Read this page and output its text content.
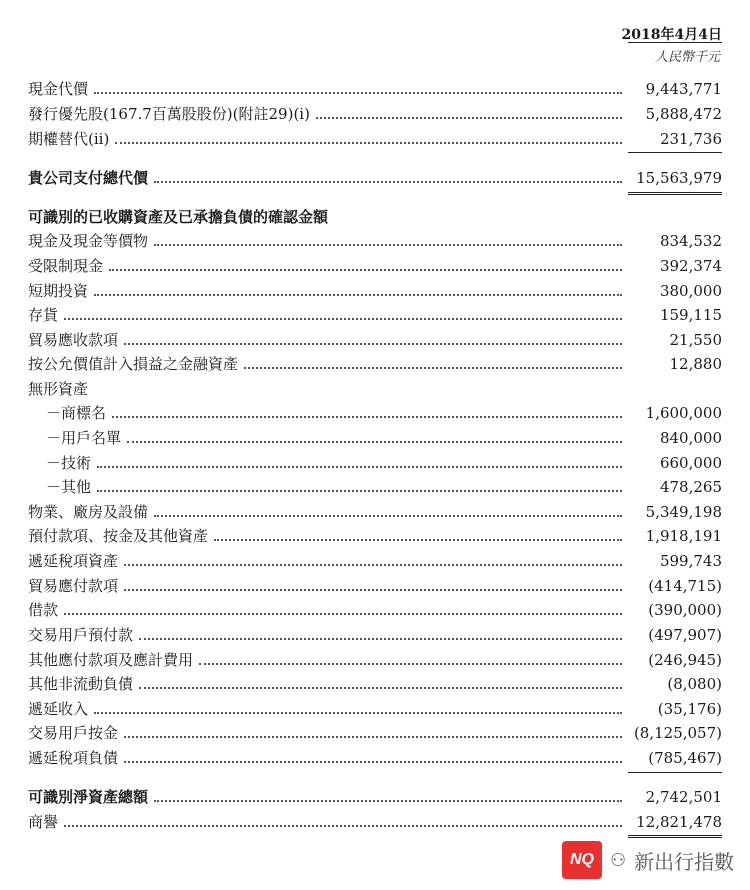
2018年4月4日
人民幣千元
現金代價	9,443,771
發行優先股(167.7百萬股股份)(附註29)(i)	5,888,472
期權替代(ii)	231,736
貴公司支付總代價	15,563,979
可識別的已收購資產及已承擔負債的確認金額
現金及現金等價物	834,532
受限制現金	392,374
短期投資	380,000
存貨	159,115
貿易應收款項	21,550
按公允價值計入損益之金融資產	12,880
無形資產
－商標名	1,600,000
－用戶名單	840,000
－技術	660,000
－其他	478,265
物業、廠房及設備	5,349,198
預付款項、按金及其他資產	1,918,191
遞延稅項資產	599,743
貿易應付款項	(414,715)
借款	(390,000)
交易用戶預付款	(497,907)
其他應付款項及應計費用	(246,945)
其他非流動負債	(8,080)
遞延收入	(35,176)
交易用戶按金	(8,125,057)
遞延稅項負債	(785,467)
可識別淨資產總額	2,742,501
商譽	12,821,478
NQ ⚇ 新出行指數
